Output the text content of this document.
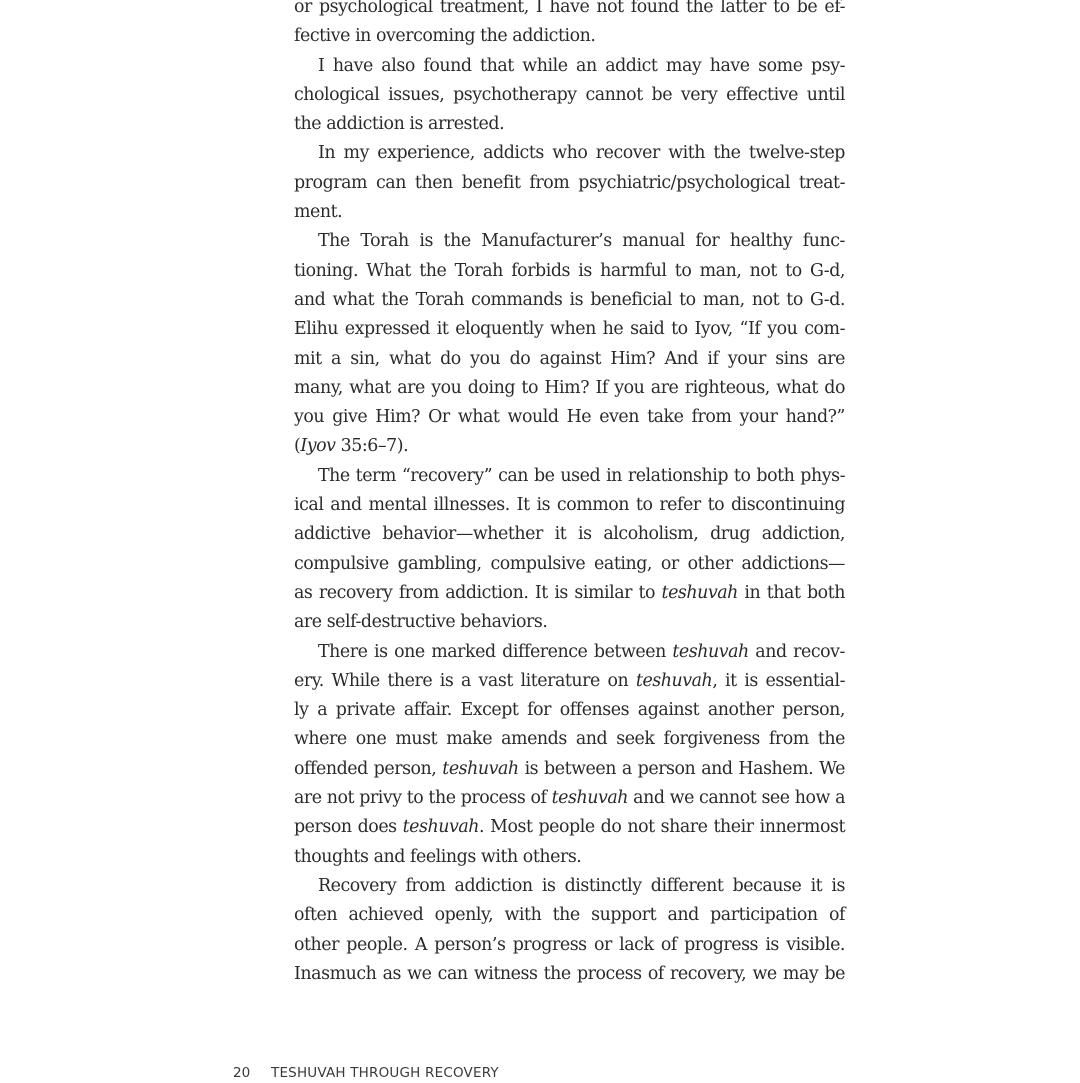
or psychological treatment, I have not found the latter to be ef-
fective in overcoming the addiction.
I have also found that while an addict may have some psy-
chological issues, psychotherapy cannot be very effective until
the addiction is arrested.
In my experience, addicts who recover with the twelve-step
program can then benefit from psychiatric/psychological treat-
ment.
The Torah is the Manufacturer’s manual for healthy func-
tioning. What the Torah forbids is harmful to man, not to G-d,
and what the Torah commands is beneficial to man, not to G-d.
Elihu expressed it eloquently when he said to Iyov, “If you com-
mit a sin, what do you do against Him? And if your sins are
many, what are you doing to Him? If you are righteous, what do
you give Him? Or what would He even take from your hand?”
(Iyov 35:6–7).
The term “recovery” can be used in relationship to both phys-
ical and mental illnesses. It is common to refer to discontinuing
addictive behavior—whether it is alcoholism, drug addiction,
compulsive gambling, compulsive eating, or other addictions—
as recovery from addiction. It is similar to teshuvah in that both
are self-destructive behaviors.
There is one marked difference between teshuvah and recov-
ery. While there is a vast literature on teshuvah, it is essential-
ly a private affair. Except for offenses against another person,
where one must make amends and seek forgiveness from the
offended person, teshuvah is between a person and Hashem. We
are not privy to the process of teshuvah and we cannot see how a
person does teshuvah. Most people do not share their innermost
thoughts and feelings with others.
Recovery from addiction is distinctly different because it is
often achieved openly, with the support and participation of
other people. A person’s progress or lack of progress is visible.
Inasmuch as we can witness the process of recovery, we may be
20 TESHUVAH THROUGH RECOVERY
